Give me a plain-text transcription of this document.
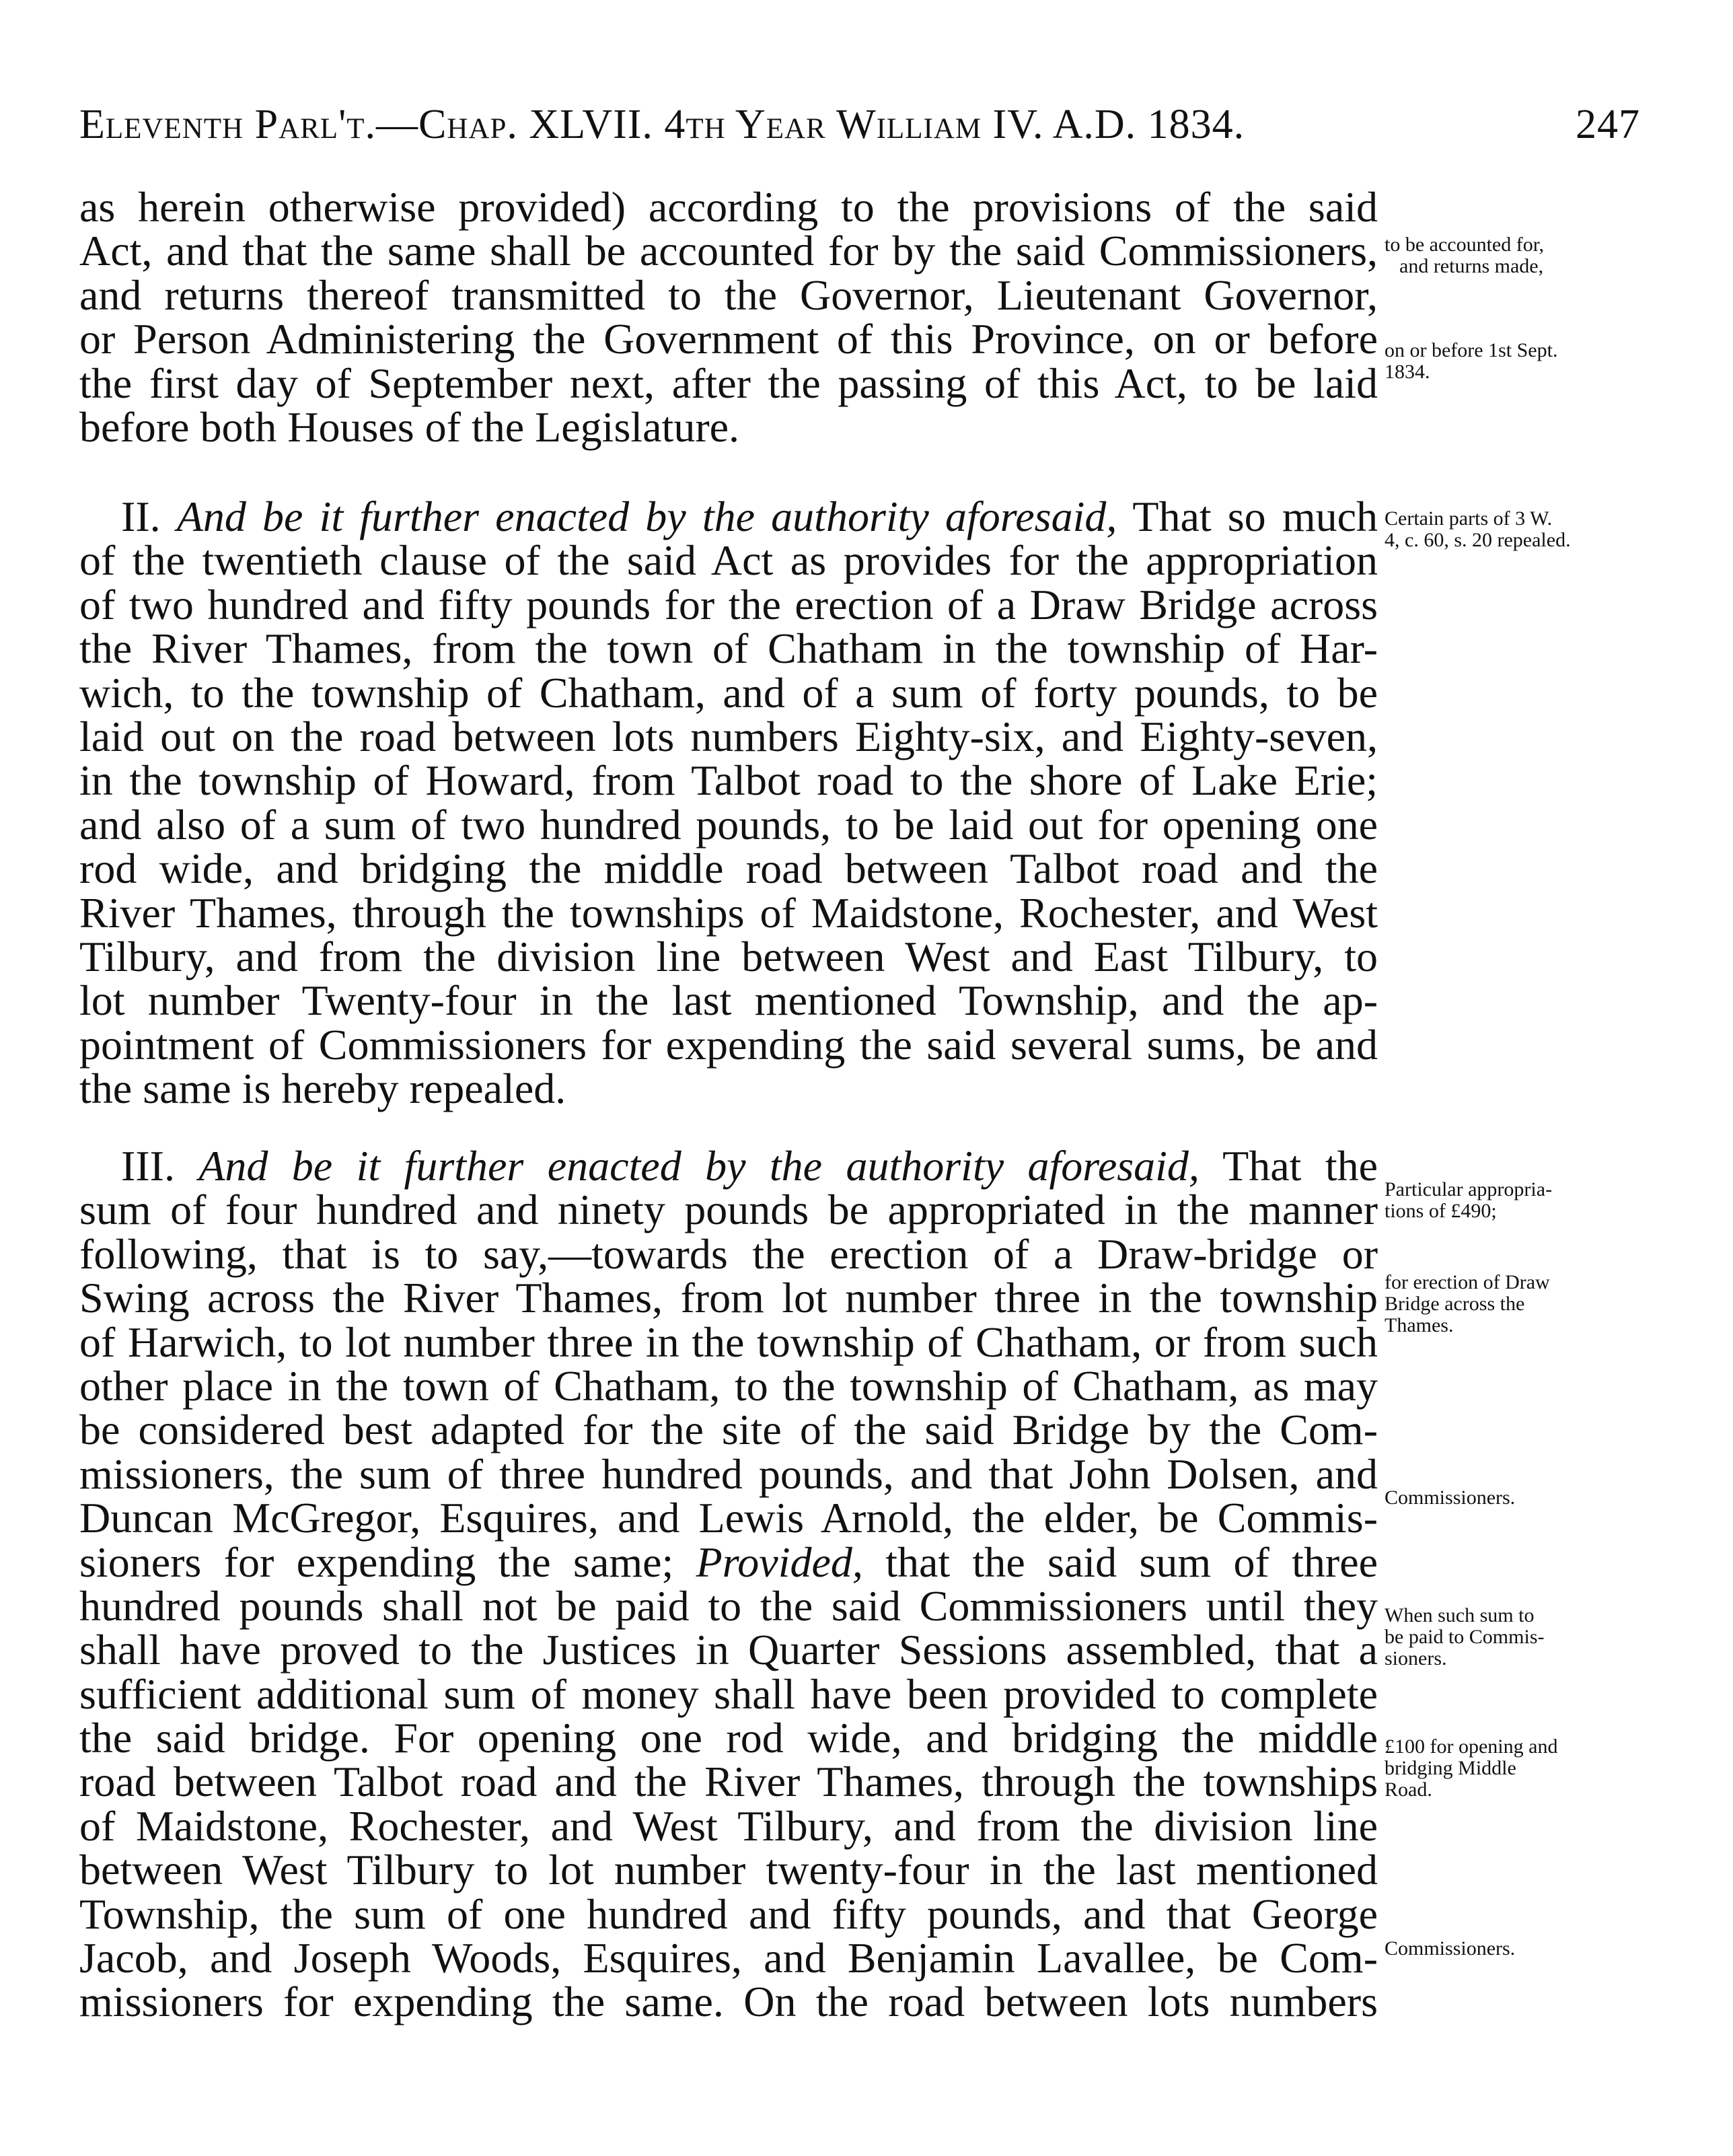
Eleventh Parl't.—Chap. XLVII. 4th Year William IV. A.D. 1834.	247
as herein otherwise provided) according to the provisions of the said
Act, and that the same shall be accounted for by the said Commissioners,
and returns thereof transmitted to the Governor, Lieutenant Governor,
or Person Administering the Government of this Province, on or before
the first day of September next, after the passing of this Act, to be laid
before both Houses of the Legislature.
II. And be it further enacted by the authority aforesaid, That so much
of the twentieth clause of the said Act as provides for the appropriation
of two hundred and fifty pounds for the erection of a Draw Bridge across
the River Thames, from the town of Chatham in the township of Har-
wich, to the township of Chatham, and of a sum of forty pounds, to be
laid out on the road between lots numbers Eighty-six, and Eighty-seven,
in the township of Howard, from Talbot road to the shore of Lake Erie;
and also of a sum of two hundred pounds, to be laid out for opening one
rod wide, and bridging the middle road between Talbot road and the
River Thames, through the townships of Maidstone, Rochester, and West
Tilbury, and from the division line between West and East Tilbury, to
lot number Twenty-four in the last mentioned Township, and the ap-
pointment of Commissioners for expending the said several sums, be and
the same is hereby repealed.
III. And be it further enacted by the authority aforesaid, That the
sum of four hundred and ninety pounds be appropriated in the manner
following, that is to say,—towards the erection of a Draw-bridge or
Swing across the River Thames, from lot number three in the township
of Harwich, to lot number three in the township of Chatham, or from such
other place in the town of Chatham, to the township of Chatham, as may
be considered best adapted for the site of the said Bridge by the Com-
missioners, the sum of three hundred pounds, and that John Dolsen, and
Duncan McGregor, Esquires, and Lewis Arnold, the elder, be Commis-
sioners for expending the same; Provided, that the said sum of three
hundred pounds shall not be paid to the said Commissioners until they
shall have proved to the Justices in Quarter Sessions assembled, that a
sufficient additional sum of money shall have been provided to complete
the said bridge. For opening one rod wide, and bridging the middle
road between Talbot road and the River Thames, through the townships
of Maidstone, Rochester, and West Tilbury, and from the division line
between West Tilbury to lot number twenty-four in the last mentioned
Township, the sum of one hundred and fifty pounds, and that George
Jacob, and Joseph Woods, Esquires, and Benjamin Lavallee, be Com-
missioners for expending the same. On the road between lots numbers
to be accounted for,
and returns made,
on or before 1st Sept.
1834.
Certain parts of 3 W.
4, c. 60, s. 20 repealed.
Particular appropria-
tions of £490;
for erection of Draw
Bridge across the
Thames.
Commissioners.
When such sum to
be paid to Commis-
sioners.
£100 for opening and
bridging Middle
Road.
Commissioners.
